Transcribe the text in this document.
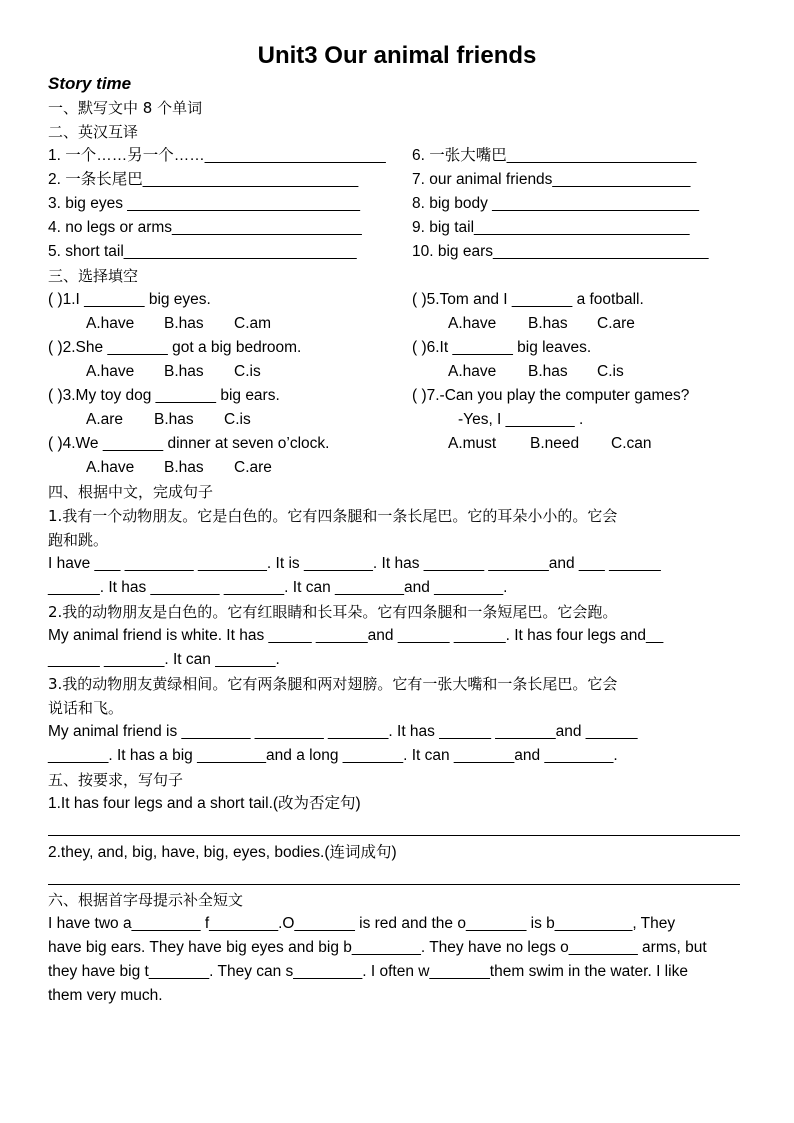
Unit3 Our animal friends
Story time
一、默写文中 8 个单词
二、英汉互译
1. 一个……另一个……_____________________ 6. 一张大嘴巴______________________
2. 一条长尾巴_________________________	7. our animal friends________________
3. big eyes ___________________________	8. big body ________________________
4. no legs or arms______________________	9. big tail_________________________
5. short tail___________________________	10. big ears_________________________
三、选择填空
( )1.I _______ big eyes.
A.have B.has C.am
( )2.She _______ got a big bedroom.
A.have B.has C.is
( )3.My toy dog _______ big ears.
A.are B.has C.is
( )4.We _______ dinner at seven o’clock.
A.have B.has C.are
( )5.Tom and I _______ a football.
A.have B.has C.are
( )6.It _______ big leaves.
A.have B.has C.is
( )7.-Can you play the computer games?
-Yes, I ________ .
A.must B.need C.can
四、根据中文，完成句子
1.我有一个动物朋友。它是白色的。它有四条腿和一条长尾巴。它的耳朵小小的。它会
跑和跳。
I have ___ ________ ________. It is ________. It has _______ _______and ___ ______
______. It has ________ _______. It can ________and ________.
2.我的动物朋友是白色的。它有红眼睛和长耳朵。它有四条腿和一条短尾巴。它会跑。
My animal friend is white. It has _____ ______and ______ ______. It has four legs and__
______ _______. It can _______.
3.我的动物朋友黄绿相间。它有两条腿和两对翅膀。它有一张大嘴和一条长尾巴。它会
说话和飞。
My animal friend is ________ ________ _______. It has ______ _______and ______
_______. It has a big ________and a long _______. It can _______and ________.
五、按要求，写句子
1.It has four legs and a short tail.(改为否定句)
2.they, and, big, have, big, eyes, bodies.(连词成句)
六、根据首字母提示补全短文
I have two a________ f________.O_______ is red and the o_______ is b_________, They
have big ears. They have big eyes and big b________. They have no legs o________ arms, but
they have big t_______. They can s________. I often w_______them swim in the water. I like
them very much.
